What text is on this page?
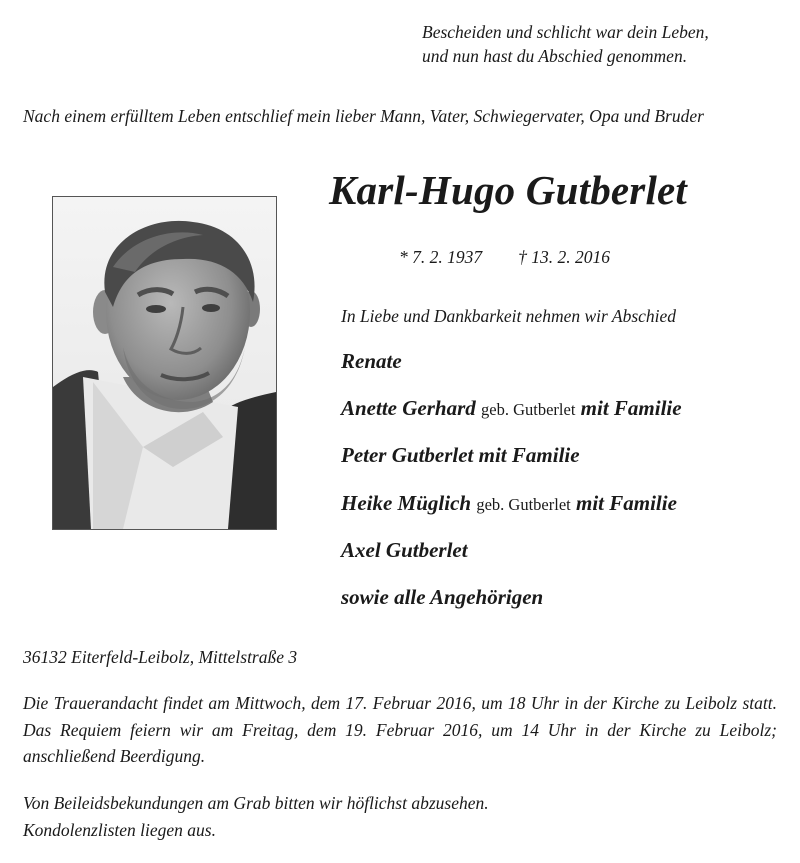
Bescheiden und schlicht war dein Leben,
und nun hast du Abschied genommen.
Nach einem erfülltem Leben entschlief mein lieber Mann, Vater, Schwiegervater, Opa und Bruder
Karl-Hugo Gutberlet
* 7. 2. 1937 † 13. 2. 2016
In Liebe und Dankbarkeit nehmen wir Abschied
Renate
Anette Gerhard geb. Gutberlet mit Familie
Peter Gutberlet mit Familie
Heike Müglich geb. Gutberlet mit Familie
Axel Gutberlet
sowie alle Angehörigen
36132 Eiterfeld-Leibolz, Mittelstraße 3
Die Trauerandacht findet am Mittwoch, dem 17. Februar 2016, um 18 Uhr in der Kirche zu Leibolz statt. Das Requiem feiern wir am Freitag, dem 19. Februar 2016, um 14 Uhr in der Kirche zu Leibolz; anschließend Beerdigung.
Von Beileidsbekundungen am Grab bitten wir höflichst abzusehen.
Kondolenzlisten liegen aus.
